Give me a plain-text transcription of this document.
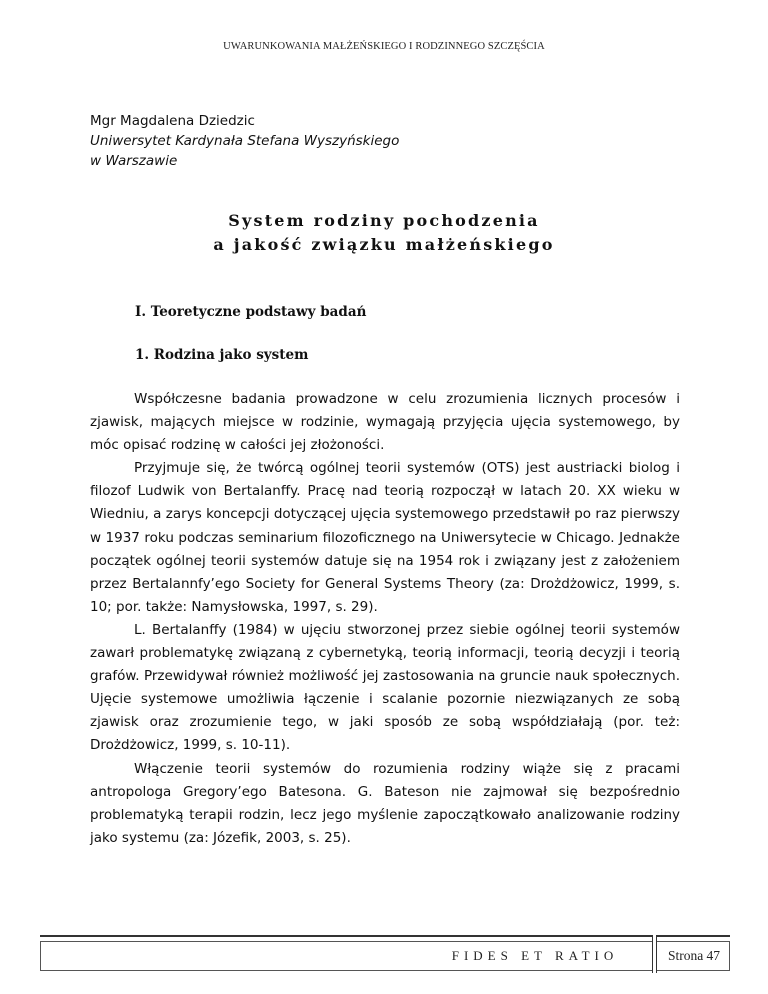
UWARUNKOWANIA MAŁŻEŃSKIEGO I RODZINNEGO SZCZĘŚCIA
Mgr Magdalena Dziedzic
Uniwersytet Kardynała Stefana Wyszyńskiego
w Warszawie
System rodziny pochodzenia
a jakość związku małżeńskiego
I. Teoretyczne podstawy badań
1. Rodzina jako system

Współczesne badania prowadzone w celu zrozumienia licznych procesów i zjawisk, mających miejsce w rodzinie, wymagają przyjęcia ujęcia systemowego, by móc opisać rodzinę w całości jej złożoności.

Przyjmuje się, że twórcą ogólnej teorii systemów (OTS) jest austriacki biolog i filozof Ludwik von Bertalanffy. Pracę nad teorią rozpoczął w latach 20. XX wieku w Wiedniu, a zarys koncepcji dotyczącej ujęcia systemowego przedstawił po raz pierwszy w 1937 roku podczas seminarium filozoficznego na Uniwersytecie w Chicago. Jednakże początek ogólnej teorii systemów datuje się na 1954 rok i związany jest z założeniem przez Bertalannfy’ego Society for General Systems Theory (za: Drożdżowicz, 1999, s. 10; por. także: Namysłowska, 1997, s. 29).

L. Bertalanffy (1984) w ujęciu stworzonej przez siebie ogólnej teorii systemów zawarł problematykę związaną z cybernetyką, teorią informacji, teorią decyzji i teorią grafów. Przewidywał również możliwość jej zastosowania na gruncie nauk społecznych. Ujęcie systemowe umożliwia łączenie i scalanie pozornie niezwiązanych ze sobą zjawisk oraz zrozumienie tego, w jaki sposób ze sobą współdziałają (por. też: Drożdżowicz, 1999, s. 10-11).

Włączenie teorii systemów do rozumienia rodziny wiąże się z pracami antropologa Gregory’ego Batesona. G. Bateson nie zajmował się bezpośrednio problematyką terapii rodzin, lecz jego myślenie zapoczątkowało analizowanie rodziny jako systemu (za: Józefik, 2003, s. 25).

FIDES ET RATIO	Strona 47
